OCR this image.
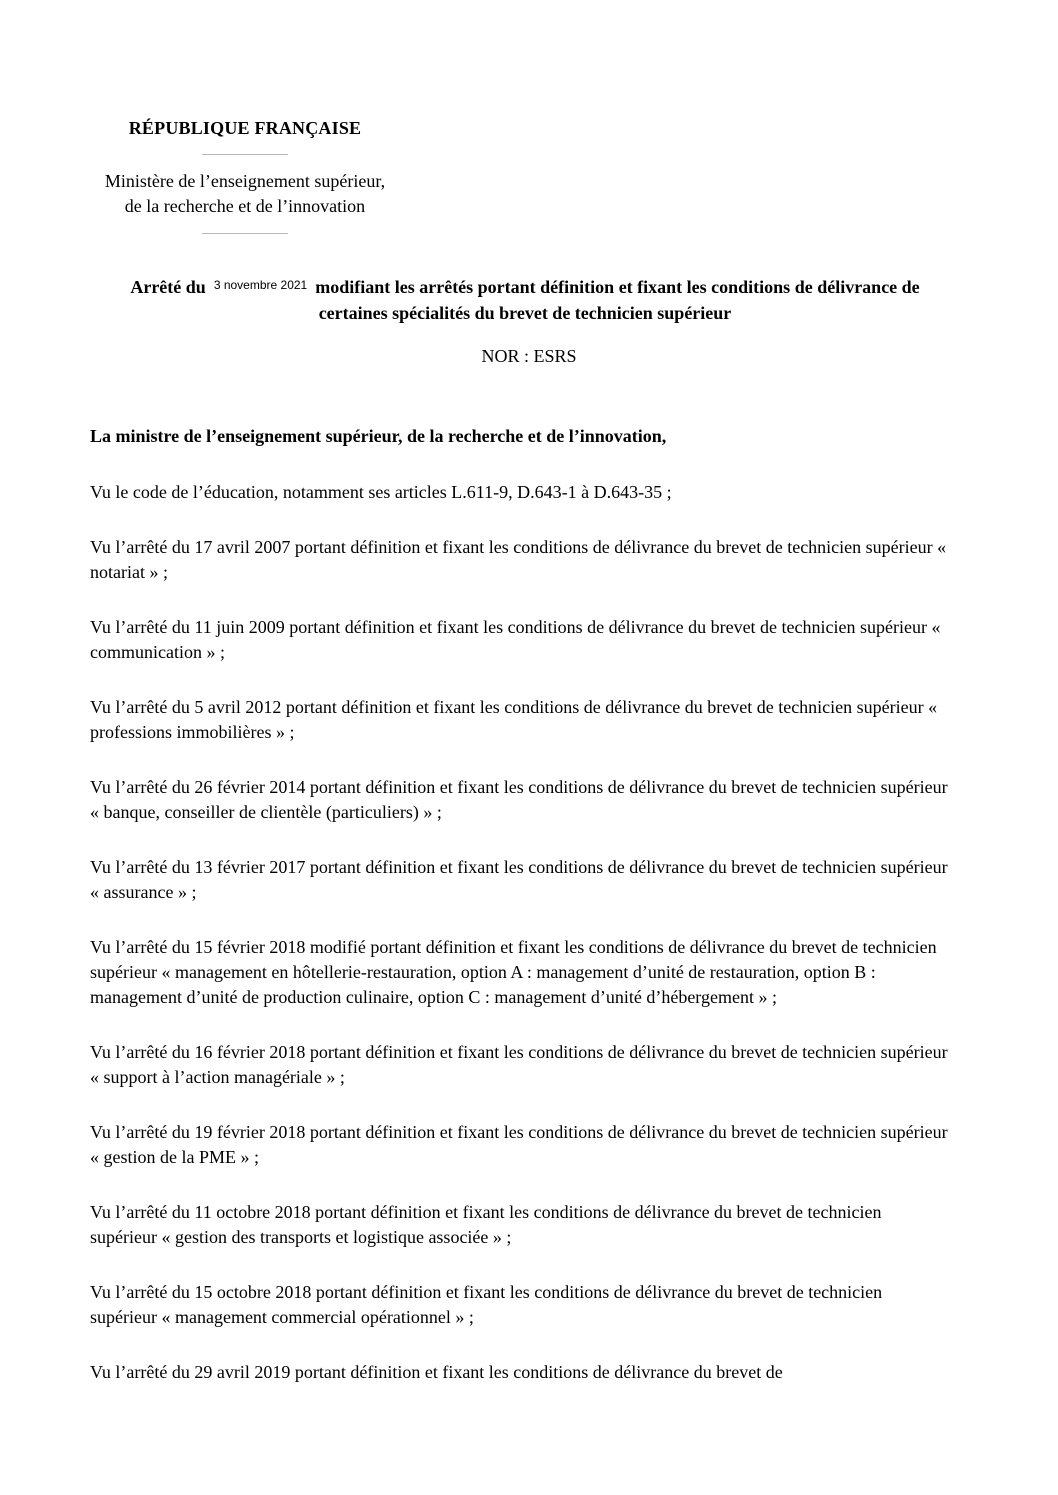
RÉPUBLIQUE FRANÇAISE
Ministère de l’enseignement supérieur,
de la recherche et de l’innovation
Arrêté du $^{3 novembre 2021}$ modifiant les arrêtés portant définition et fixant les conditions de délivrance de certaines spécialités du brevet de technicien supérieur
NOR : ESRS

La ministre de l’enseignement supérieur, de la recherche et de l’innovation,

Vu le code de l’éducation, notamment ses articles L.611-9, D.643-1 à D.643-35 ;

Vu l’arrêté du 17 avril 2007 portant définition et fixant les conditions de délivrance du brevet de technicien supérieur « notariat » ;

Vu l’arrêté du 11 juin 2009 portant définition et fixant les conditions de délivrance du brevet de technicien supérieur « communication » ;

Vu l’arrêté du 5 avril 2012 portant définition et fixant les conditions de délivrance du brevet de technicien supérieur « professions immobilières » ;

Vu l’arrêté du 26 février 2014 portant définition et fixant les conditions de délivrance du brevet de technicien supérieur « banque, conseiller de clientèle (particuliers) » ;

Vu l’arrêté du 13 février 2017 portant définition et fixant les conditions de délivrance du brevet de technicien supérieur « assurance » ;

Vu l’arrêté du 15 février 2018 modifié portant définition et fixant les conditions de délivrance du brevet de technicien supérieur « management en hôtellerie-restauration, option A : management d’unité de restauration, option B : management d’unité de production culinaire, option C : management d’unité d’hébergement » ;

Vu l’arrêté du 16 février 2018 portant définition et fixant les conditions de délivrance du brevet de technicien supérieur « support à l’action managériale » ;

Vu l’arrêté du 19 février 2018 portant définition et fixant les conditions de délivrance du brevet de technicien supérieur « gestion de la PME » ;

Vu l’arrêté du 11 octobre 2018 portant définition et fixant les conditions de délivrance du brevet de technicien supérieur « gestion des transports et logistique associée » ;

Vu l’arrêté du 15 octobre 2018 portant définition et fixant les conditions de délivrance du brevet de technicien supérieur « management commercial opérationnel » ;

Vu l’arrêté du 29 avril 2019 portant définition et fixant les conditions de délivrance du brevet de
